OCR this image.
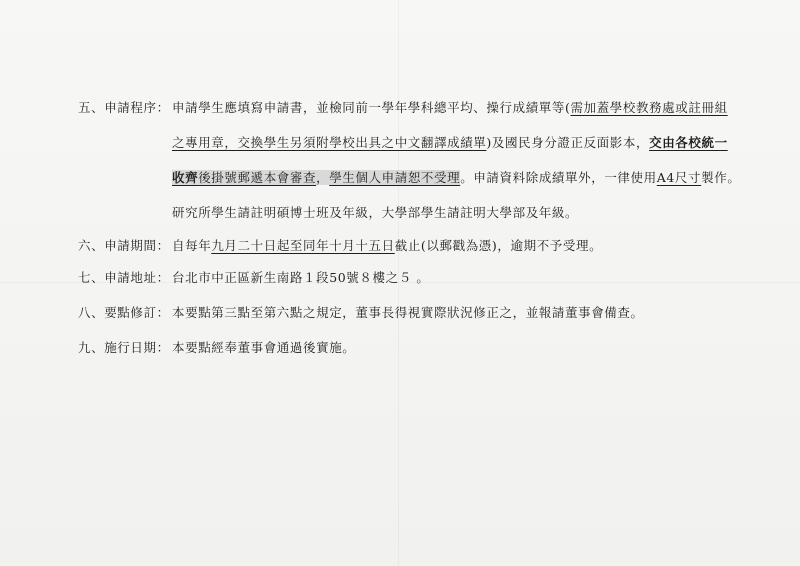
五、申請程序： 申請學生應填寫申請書，並檢同前一學年學科總平均、操行成績單等(需加蓋學校教務處或註冊組
之專用章，交換學生另須附學校出具之中文翻譯成績單)及國民身分證正反面影本，交由各校統一
收齊後掛號郵遞本會審查，學生個人申請恕不受理。申請資料除成績單外，一律使用A4尺寸製作。
研究所學生請註明碩博士班及年級，大學部學生請註明大學部及年級。
六、申請期間： 自每年九月二十日起至同年十月十五日截止(以郵戳為憑)，逾期不予受理。
七、申請地址： 台北市中正區新生南路１段50號８樓之５ 。
八、要點修訂： 本要點第三點至第六點之規定，董事長得視實際狀況修正之，並報請董事會備查。
九、施行日期： 本要點經奉董事會通過後實施。
